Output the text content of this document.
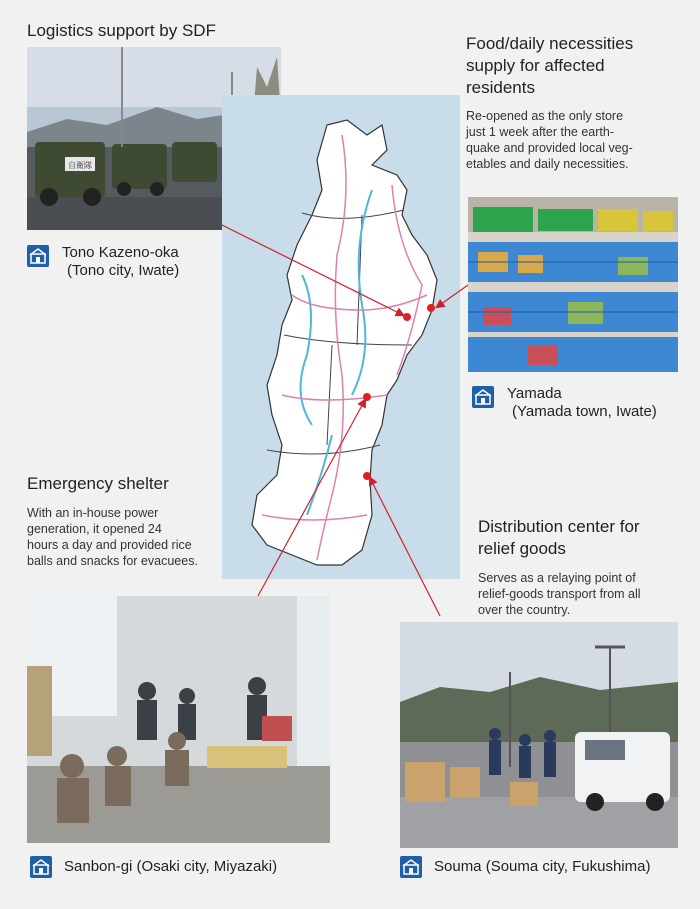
Logistics support by SDF
自衛隊
Tono Kazeno-oka
(Tono city, Iwate)
Food/daily necessities
supply for affected
residents
Re-opened as the only store
just 1 week after the earth-
quake and provided local veg-
etables and daily necessities.
Yamada
(Yamada town, Iwate)
Emergency shelter
With an in-house power
generation, it opened 24
hours a day and provided rice
balls and snacks for evacuees.
Sanbon-gi (Osaki city, Miyazaki)
Distribution center for
relief goods
Serves as a relaying point of
relief-goods transport from all
over the country.
Souma (Souma city, Fukushima)
